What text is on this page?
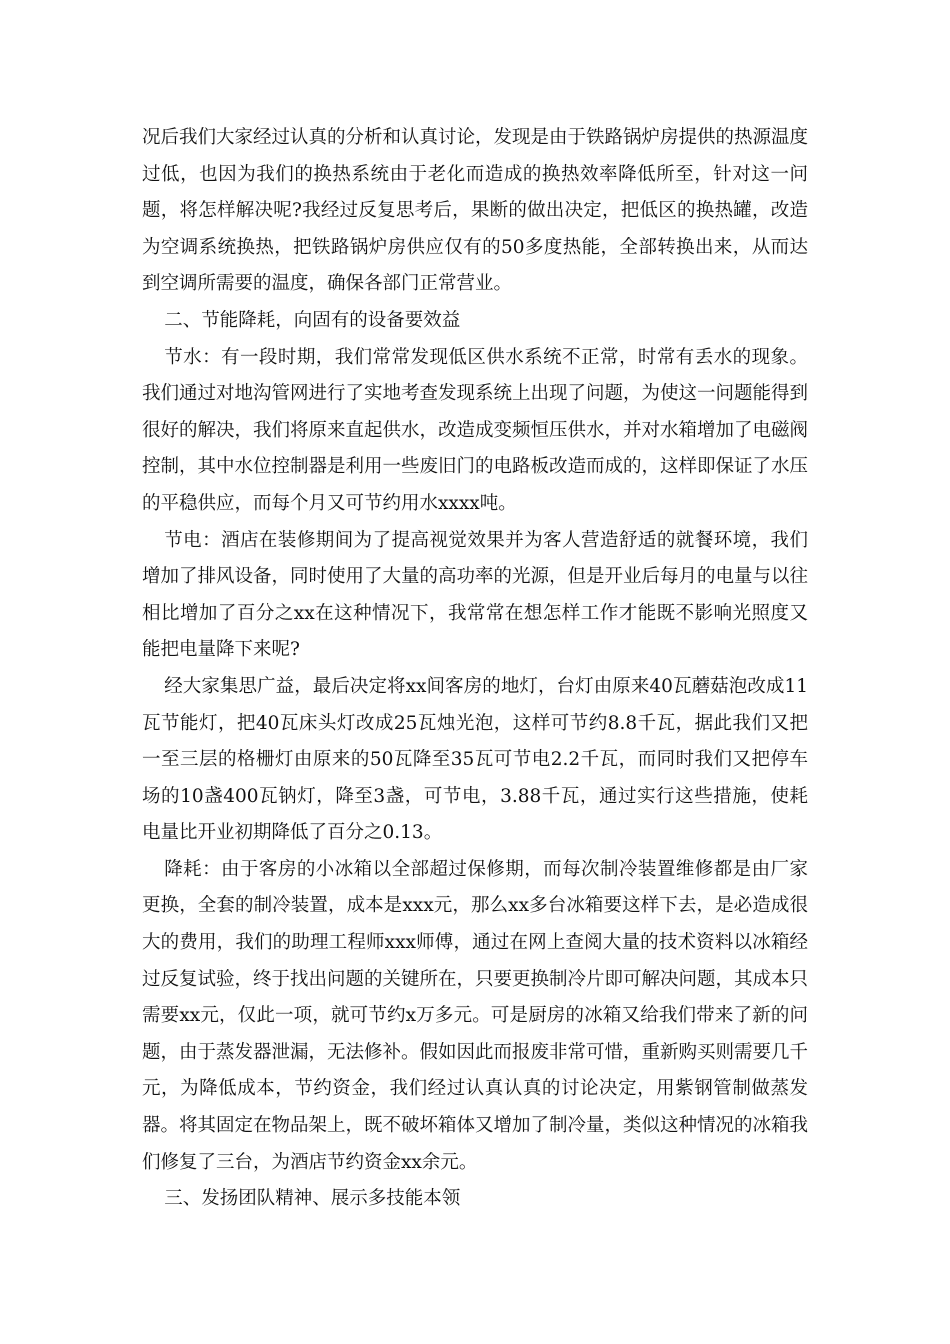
况后我们大家经过认真的分析和认真讨论，发现是由于铁路锅炉房提供的热源温度过低，也因为我们的换热系统由于老化而造成的换热效率降低所至，针对这一问题，将怎样解决呢?我经过反复思考后，果断的做出决定，把低区的换热罐，改造为空调系统换热，把铁路锅炉房供应仅有的50多度热能，全部转换出来，从而达到空调所需要的温度，确保各部门正常营业。

二、节能降耗，向固有的设备要效益

节水：有一段时期，我们常常发现低区供水系统不正常，时常有丢水的现象。我们通过对地沟管网进行了实地考查发现系统上出现了问题，为使这一问题能得到很好的解决，我们将原来直起供水，改造成变频恒压供水，并对水箱增加了电磁阀控制，其中水位控制器是利用一些废旧门的电路板改造而成的，这样即保证了水压的平稳供应，而每个月又可节约用水xxxx吨。

节电：酒店在装修期间为了提高视觉效果并为客人营造舒适的就餐环境，我们增加了排风设备，同时使用了大量的高功率的光源，但是开业后每月的电量与以往相比增加了百分之xx在这种情况下，我常常在想怎样工作才能既不影响光照度又能把电量降下来呢?

经大家集思广益，最后决定将xx间客房的地灯，台灯由原来40瓦蘑菇泡改成11瓦节能灯，把40瓦床头灯改成25瓦烛光泡，这样可节约8.8千瓦，据此我们又把一至三层的格栅灯由原来的50瓦降至35瓦可节电2.2千瓦，而同时我们又把停车场的10盏400瓦钠灯，降至3盏，可节电，3.88千瓦，通过实行这些措施，使耗电量比开业初期降低了百分之0.13。

降耗：由于客房的小冰箱以全部超过保修期，而每次制冷装置维修都是由厂家更换，全套的制冷装置，成本是xxx元，那么xx多台冰箱要这样下去，是必造成很大的费用，我们的助理工程师xxx师傅，通过在网上查阅大量的技术资料以冰箱经过反复试验，终于找出问题的关键所在，只要更换制冷片即可解决问题，其成本只需要xx元，仅此一项，就可节约x万多元。可是厨房的冰箱又给我们带来了新的问题，由于蒸发器泄漏，无法修补。假如因此而报废非常可惜，重新购买则需要几千元，为降低成本，节约资金，我们经过认真认真的讨论决定，用紫钢管制做蒸发器。将其固定在物品架上，既不破坏箱体又增加了制冷量，类似这种情况的冰箱我们修复了三台，为酒店节约资金xx余元。

三、发扬团队精神、展示多技能本领
